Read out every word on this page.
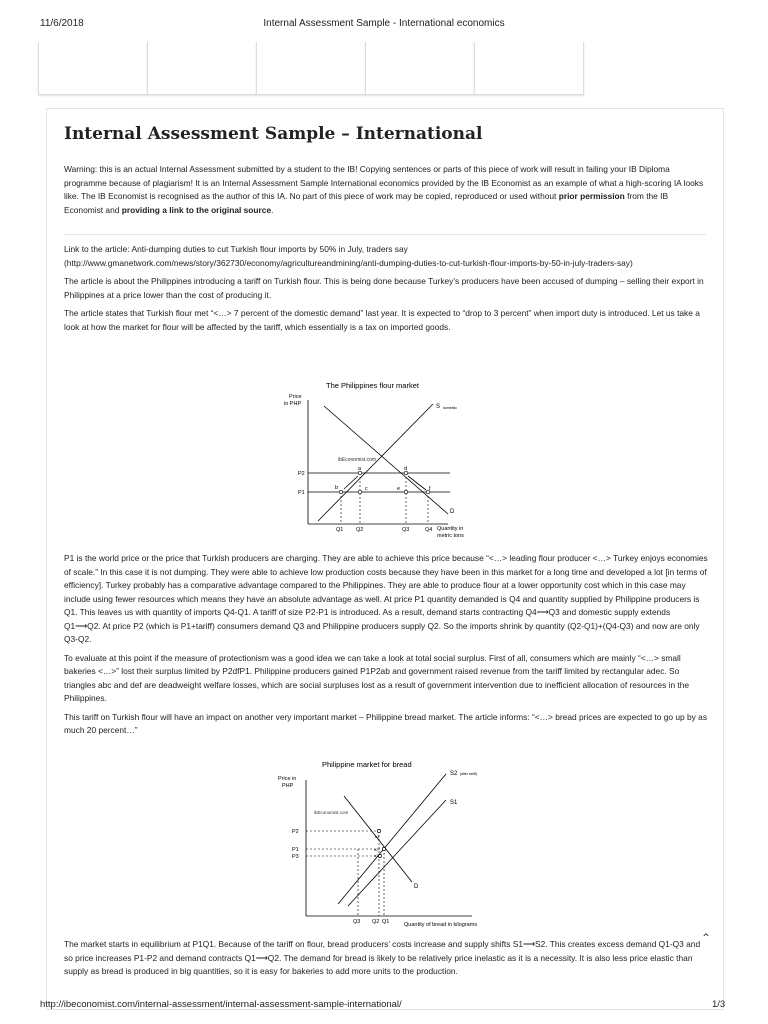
11/6/2018	Internal Assessment Sample - International economics
Internal Assessment Sample – International

Warning: this is an actual Internal Assessment submitted by a student to the IB! Copying sentences or parts of this piece of work will result in failing your IB Diploma programme because of plagiarism! It is an Internal Assessment Sample International economics provided by the IB Economist as an example of what a high-scoring IA looks like. The IB Economist is recognised as the author of this IA. No part of this piece of work may be copied, reproduced or used without prior permission from the IB Economist and providing a link to the original source.

Link to the article: Anti-dumping duties to cut Turkish flour imports by 50% in July, traders say (http://www.gmanetwork.com/news/story/362730/economy/agricultureandmining/anti-dumping-duties-to-cut-turkish-flour-imports-by-50-in-july-traders-say)

The article is about the Philippines introducing a tariff on Turkish flour. This is being done because Turkey’s producers have been accused of dumping – selling their export in Philippines at a price lower than the cost of producing it.

The article states that Turkish flour met “<…> 7 percent of the domestic demand” last year. It is expected to “drop to 3 percent” when import duty is introduced. Let us take a look at how the market for flour will be affected by the tariff, which essentially is a tax on imported goods.

The Philippines flour market
Price
in PHP	S domestic
D
P2
P1
ibEconomist.com
a
b	c
d
e	f
Q1 Q2	Q3	Q4 Quantity in
metric tons

P1 is the world price or the price that Turkish producers are charging. They are able to achieve this price because “<…> leading flour producer <…> Turkey enjoys economies of scale.” In this case it is not dumping. They were able to achieve low production costs because they have been in this market for a long time and developed a lot [in terms of efficiency]. Turkey probably has a comparative advantage compared to the Philippines. They are able to produce flour at a lower opportunity cost which in this case may include using fewer resources which means they have an absolute advantage as well. At price P1 quantity demanded is Q4 and quantity supplied by Philippine producers is Q1. This leaves us with quantity of imports Q4-Q1. A tariff of size P2-P1 is introduced. As a result, demand starts contracting Q4⟶Q3 and domestic supply extends Q1⟶Q2. At price P2 (which is P1+tariff) consumers demand Q3 and Philippine producers supply Q2. So the imports shrink by quantity (Q2-Q1)+(Q4-Q3) and now are only Q3-Q2.

To evaluate at this point if the measure of protectionism was a good idea we can take a look at total social surplus. First of all, consumers which are mainly “<…> small bakeries <…>” lost their surplus limited by P2dfP1. Philippine producers gained P1P2ab and government raised revenue from the tariff limited by rectangular adec. So triangles abc and def are deadweight welfare losses, which are social surpluses lost as a result of government intervention due to inefficient allocation of resources in the Philippines.

This tariff on Turkish flour will have an impact on another very important market – Philippine bread market. The article informs: “<…> bread prices are expected to go up by as much 20 percent…”

Philippine market for bread
Price in
PHP
S2 (after tariff)
S1
D
ibEconomist.com
e1
e2
e3
P2
P1
P3
Q3 Q2 Q1	Quantity of bread in kilograms

The market starts in equilibrium at P1Q1. Because of the tariff on flour, bread producers’ costs increase and supply shifts S1⟶S2. This creates excess demand Q1-Q3 and so price increases P1-P2 and demand contracts Q1⟶Q2. The demand for bread is likely to be relatively price inelastic as it is a necessity. It is also less price elastic than supply as bread is produced in big quantities, so it is easy for bakeries to add more units to the production.

⌃
http://ibeconomist.com/internal-assessment/internal-assessment-sample-international/	1/3
